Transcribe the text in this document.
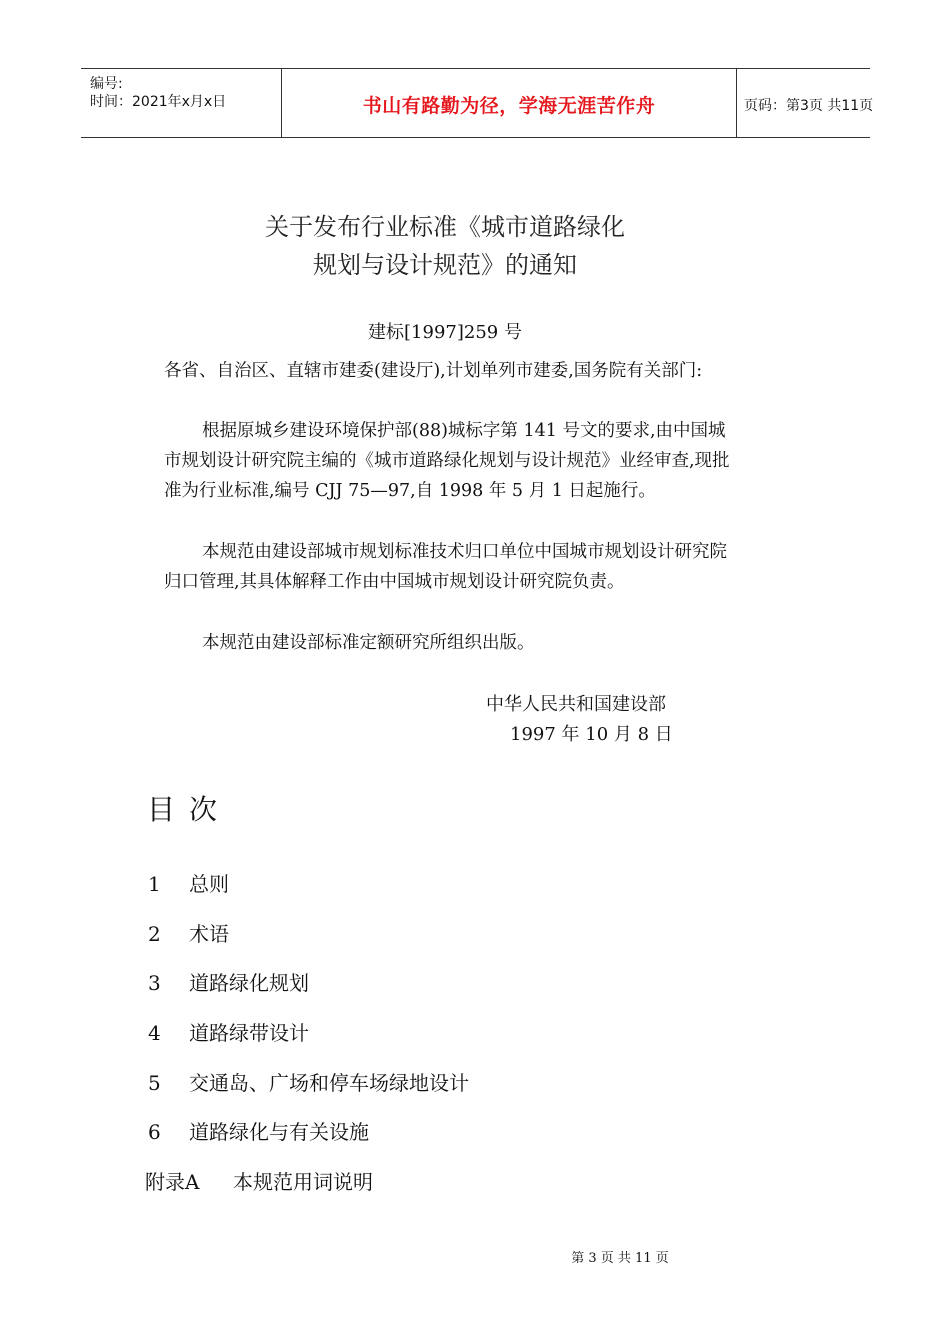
编号:
时间：2021年x月x日	书山有路勤为径，学海无涯苦作舟	页码：第3页 共11页
关于发布行业标准《城市道路绿化
规划与设计规范》的通知
建标[1997]259 号
各省、自治区、直辖市建委(建设厅),计划单列市建委,国务院有关部门:
根据原城乡建设环境保护部(88)城标字第 141 号文的要求,由中国城市规划设计研究院主编的《城市道路绿化规划与设计规范》业经审查,现批准为行业标准,编号 CJJ 75—97,自 1998 年 5 月 1 日起施行。
本规范由建设部城市规划标准技术归口单位中国城市规划设计研究院归口管理,其具体解释工作由中国城市规划设计研究院负责。
本规范由建设部标准定额研究所组织出版。
中华人民共和国建设部
1997 年 10 月 8 日
目次
1 总则
2 术语
3 道路绿化规划
4 道路绿带设计
5 交通岛、广场和停车场绿地设计
6 道路绿化与有关设施
附录A 本规范用词说明
第 3 页 共 11 页
